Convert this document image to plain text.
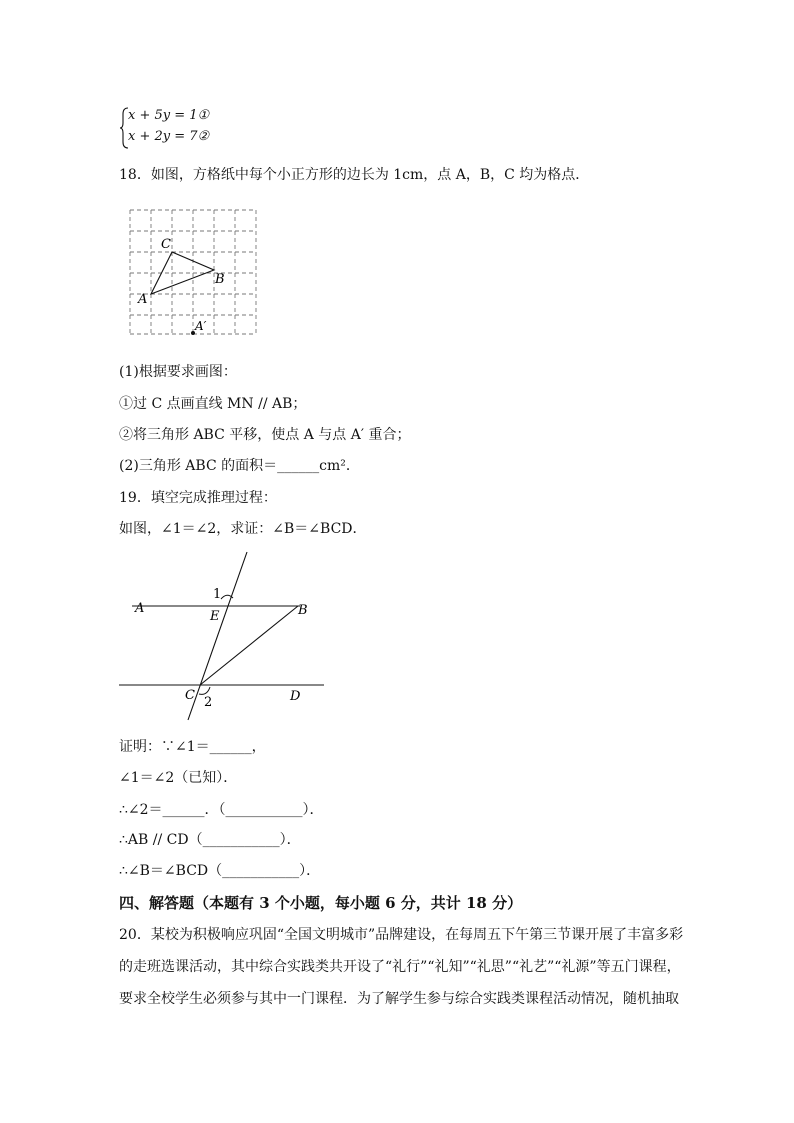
x + 5y = 1①
x + 2y = 7②
18．如图，方格纸中每个小正方形的边长为 1cm，点 A，B，C 均为格点．
C
B
A
A′
(1)根据要求画图：
①过 C 点画直线 MN // AB；
②将三角形 ABC 平移，使点 A 与点 A′ 重合；
(2)三角形 ABC 的面积＝______cm²．
19．填空完成推理过程：
如图，∠1＝∠2，求证：∠B＝∠BCD．
1
A
E	B
C 2	D
证明：∵∠1＝______，
∠1＝∠2（已知）．
∴∠2＝______．（___________）．
∴AB // CD（___________）．
∴∠B＝∠BCD（___________）．
四、解答题（本题有 3 个小题，每小题 6 分，共计 18 分）
20．某校为积极响应巩固“全国文明城市”品牌建设，在每周五下午第三节课开展了丰富多彩
的走班选课活动，其中综合实践类共开设了“礼行”“礼知”“礼思”“礼艺”“礼源”等五门课程，
要求全校学生必须参与其中一门课程．为了解学生参与综合实践类课程活动情况，随机抽取
